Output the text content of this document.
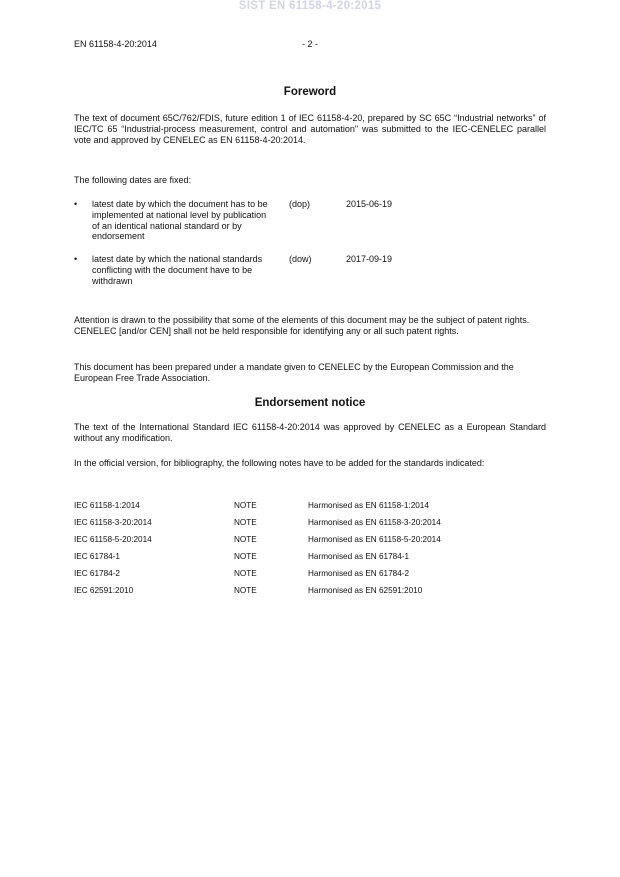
SIST EN 61158-4-20:2015
EN 61158-4-20:2014	- 2 -
Foreword
The text of document 65C/762/FDIS, future edition 1 of IEC 61158-4-20, prepared by SC 65C “Industrial networks” of IEC/TC 65 “Industrial-process measurement, control and automation" was submitted to the IEC-CENELEC parallel vote and approved by CENELEC as EN 61158-4-20:2014.
The following dates are fixed:
• latest date by which the document has to be implemented at national level by publication of an identical national standard or by endorsement
(dop)	2015-06-19
• latest date by which the national standards conflicting with the document have to be withdrawn
(dow)	2017-09-19
Attention is drawn to the possibility that some of the elements of this document may be the subject of patent rights. CENELEC [and/or CEN] shall not be held responsible for identifying any or all such patent rights.
This document has been prepared under a mandate given to CENELEC by the European Commission and the European Free Trade Association.
Endorsement notice
The text of the International Standard IEC 61158-4-20:2014 was approved by CENELEC as a European Standard without any modification.
In the official version, for bibliography, the following notes have to be added for the standards indicated:
IEC 61158-1:2014	NOTE	Harmonised as EN 61158-1:2014
IEC 61158-3-20:2014	NOTE	Harmonised as EN 61158-3-20:2014
IEC 61158-5-20:2014	NOTE	Harmonised as EN 61158-5-20:2014
IEC 61784-1	NOTE	Harmonised as EN 61784-1
IEC 61784-2	NOTE	Harmonised as EN 61784-2
IEC 62591:2010	NOTE	Harmonised as EN 62591:2010
